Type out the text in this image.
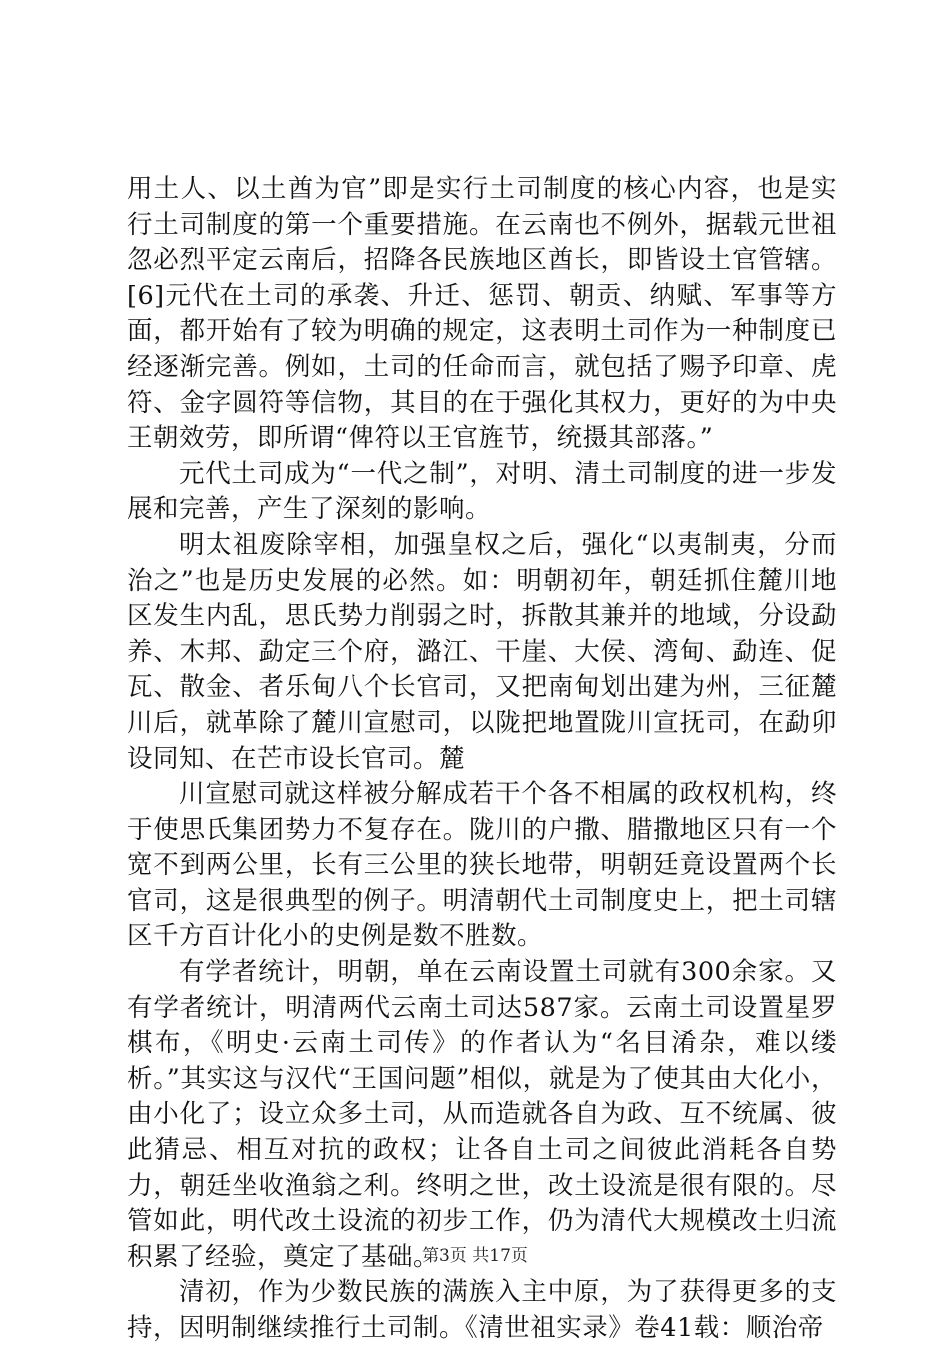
用土人、以土酋为官”即是实行土司制度的核心内容，也是实行土司制度的第一个重要措施。在云南也不例外，据载元世祖忽必烈平定云南后，招降各民族地区酋长，即皆设土官管辖。[6]元代在土司的承袭、升迁、惩罚、朝贡、纳赋、军事等方面，都开始有了较为明确的规定，这表明土司作为一种制度已经逐渐完善。例如，土司的任命而言，就包括了赐予印章、虎符、金字圆符等信物，其目的在于强化其权力，更好的为中央王朝效劳，即所谓“俾符以王官旌节，统摄其部落。”

元代土司成为“一代之制”，对明、清土司制度的进一步发展和完善，产生了深刻的影响。

明太祖废除宰相，加强皇权之后，强化“以夷制夷，分而治之”也是历史发展的必然。如：明朝初年，朝廷抓住麓川地区发生内乱，思氏势力削弱之时，拆散其兼并的地域，分设勐养、木邦、勐定三个府，潞江、干崖、大侯、湾甸、勐连、促瓦、散金、者乐甸八个长官司，又把南甸划出建为州，三征麓川后，就革除了麓川宣慰司，以陇把地置陇川宣抚司，在勐卯设同知、在芒市设长官司。麓

川宣慰司就这样被分解成若干个各不相属的政权机构，终于使思氏集团势力不复存在。陇川的户撒、腊撒地区只有一个宽不到两公里，长有三公里的狭长地带，明朝廷竟设置两个长官司，这是很典型的例子。明清朝代土司制度史上，把土司辖区千方百计化小的史例是数不胜数。

有学者统计，明朝，单在云南设置土司就有300余家。又有学者统计，明清两代云南土司达587家。云南土司设置星罗棋布，《明史·云南土司传》的作者认为“名目淆杂，难以缕析。”其实这与汉代“王国问题”相似，就是为了使其由大化小，由小化了；设立众多土司，从而造就各自为政、互不统属、彼此猜忌、相互对抗的政权；让各自土司之间彼此消耗各自势力，朝廷坐收渔翁之利。终明之世，改土设流是很有限的。尽管如此，明代改土设流的初步工作，仍为清代大规模改土归流积累了经验，奠定了基础。

清初，作为少数民族的满族入主中原，为了获得更多的支持，因明制继续推行土司制。《清世祖实录》卷41载：顺治帝

第3页 共17页
